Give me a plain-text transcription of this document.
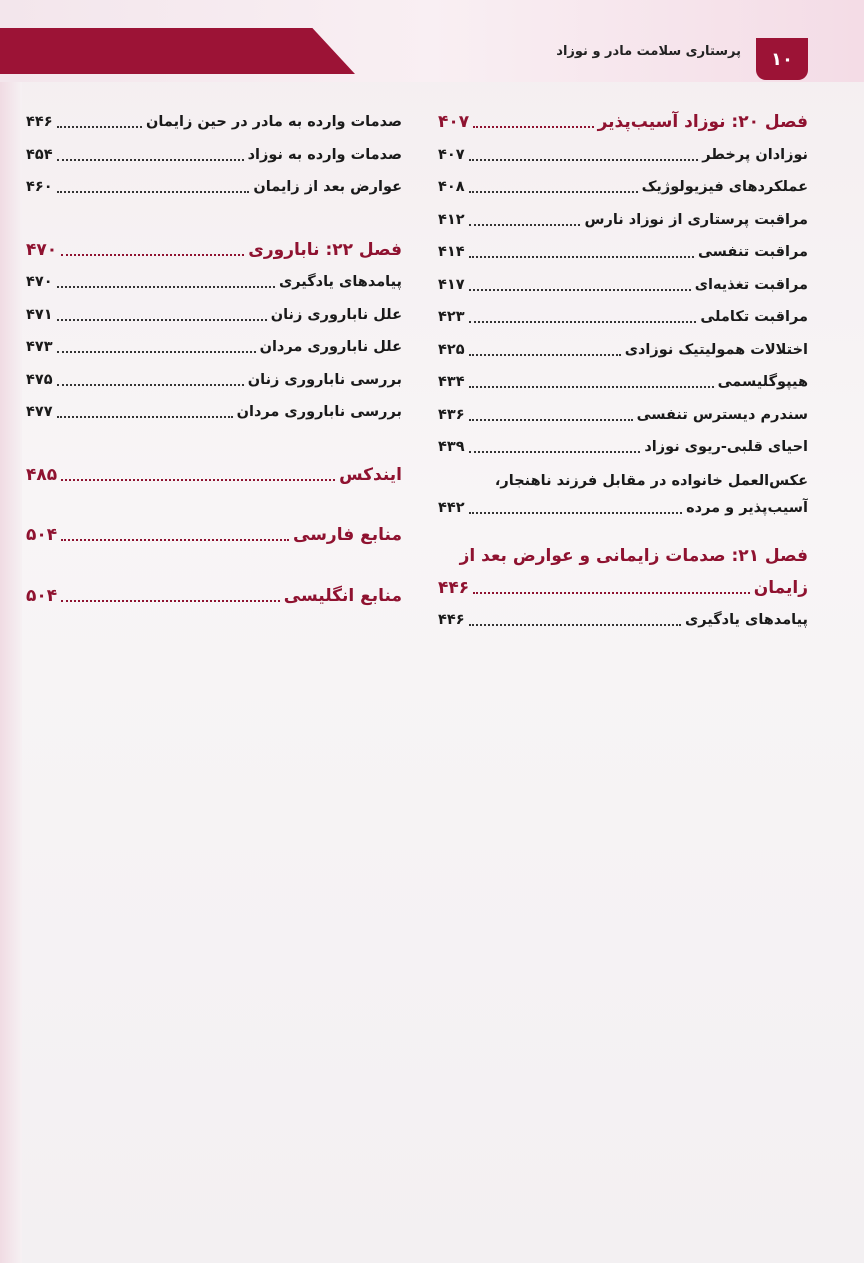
پرستاری سلامت مادر و نوزاد	۱۰
فصل ۲۰: نوزاد آسیب‌پذیر
۴۰۷
نوزادان پرخطر
۴۰۷
عملکردهای فیزیولوژیک
۴۰۸
مراقبت پرستاری از نوزاد نارس
۴۱۲
مراقبت تنفسی
۴۱۴
مراقبت تغذیه‌ای
۴۱۷
مراقبت تکاملی
۴۲۳
اختلالات همولیتیک نوزادی
۴۲۵
هیپوگلیسمی
۴۳۴
سندرم دیسترس تنفسی
۴۳۶
احیای قلبی-ریوی نوزاد
۴۳۹
عکس‌العمل خانواده در مقابل فرزند ناهنجار،
آسیب‌پذیر و مرده
۴۴۲
فصل ۲۱: صدمات زایمانی و عوارض بعد از
زایمان
۴۴۶
پیامدهای یادگیری
۴۴۶
صدمات وارده به مادر در حین زایمان
۴۴۶
صدمات وارده به نوزاد
۴۵۴
عوارض بعد از زایمان
۴۶۰
فصل ۲۲: ناباروری
۴۷۰
پیامدهای یادگیری
۴۷۰
علل ناباروری زنان
۴۷۱
علل ناباروری مردان
۴۷۳
بررسی ناباروری زنان
۴۷۵
بررسی ناباروری مردان
۴۷۷
ایندکس
۴۸۵
منابع فارسی
۵۰۴
منابع انگلیسی
۵۰۴
